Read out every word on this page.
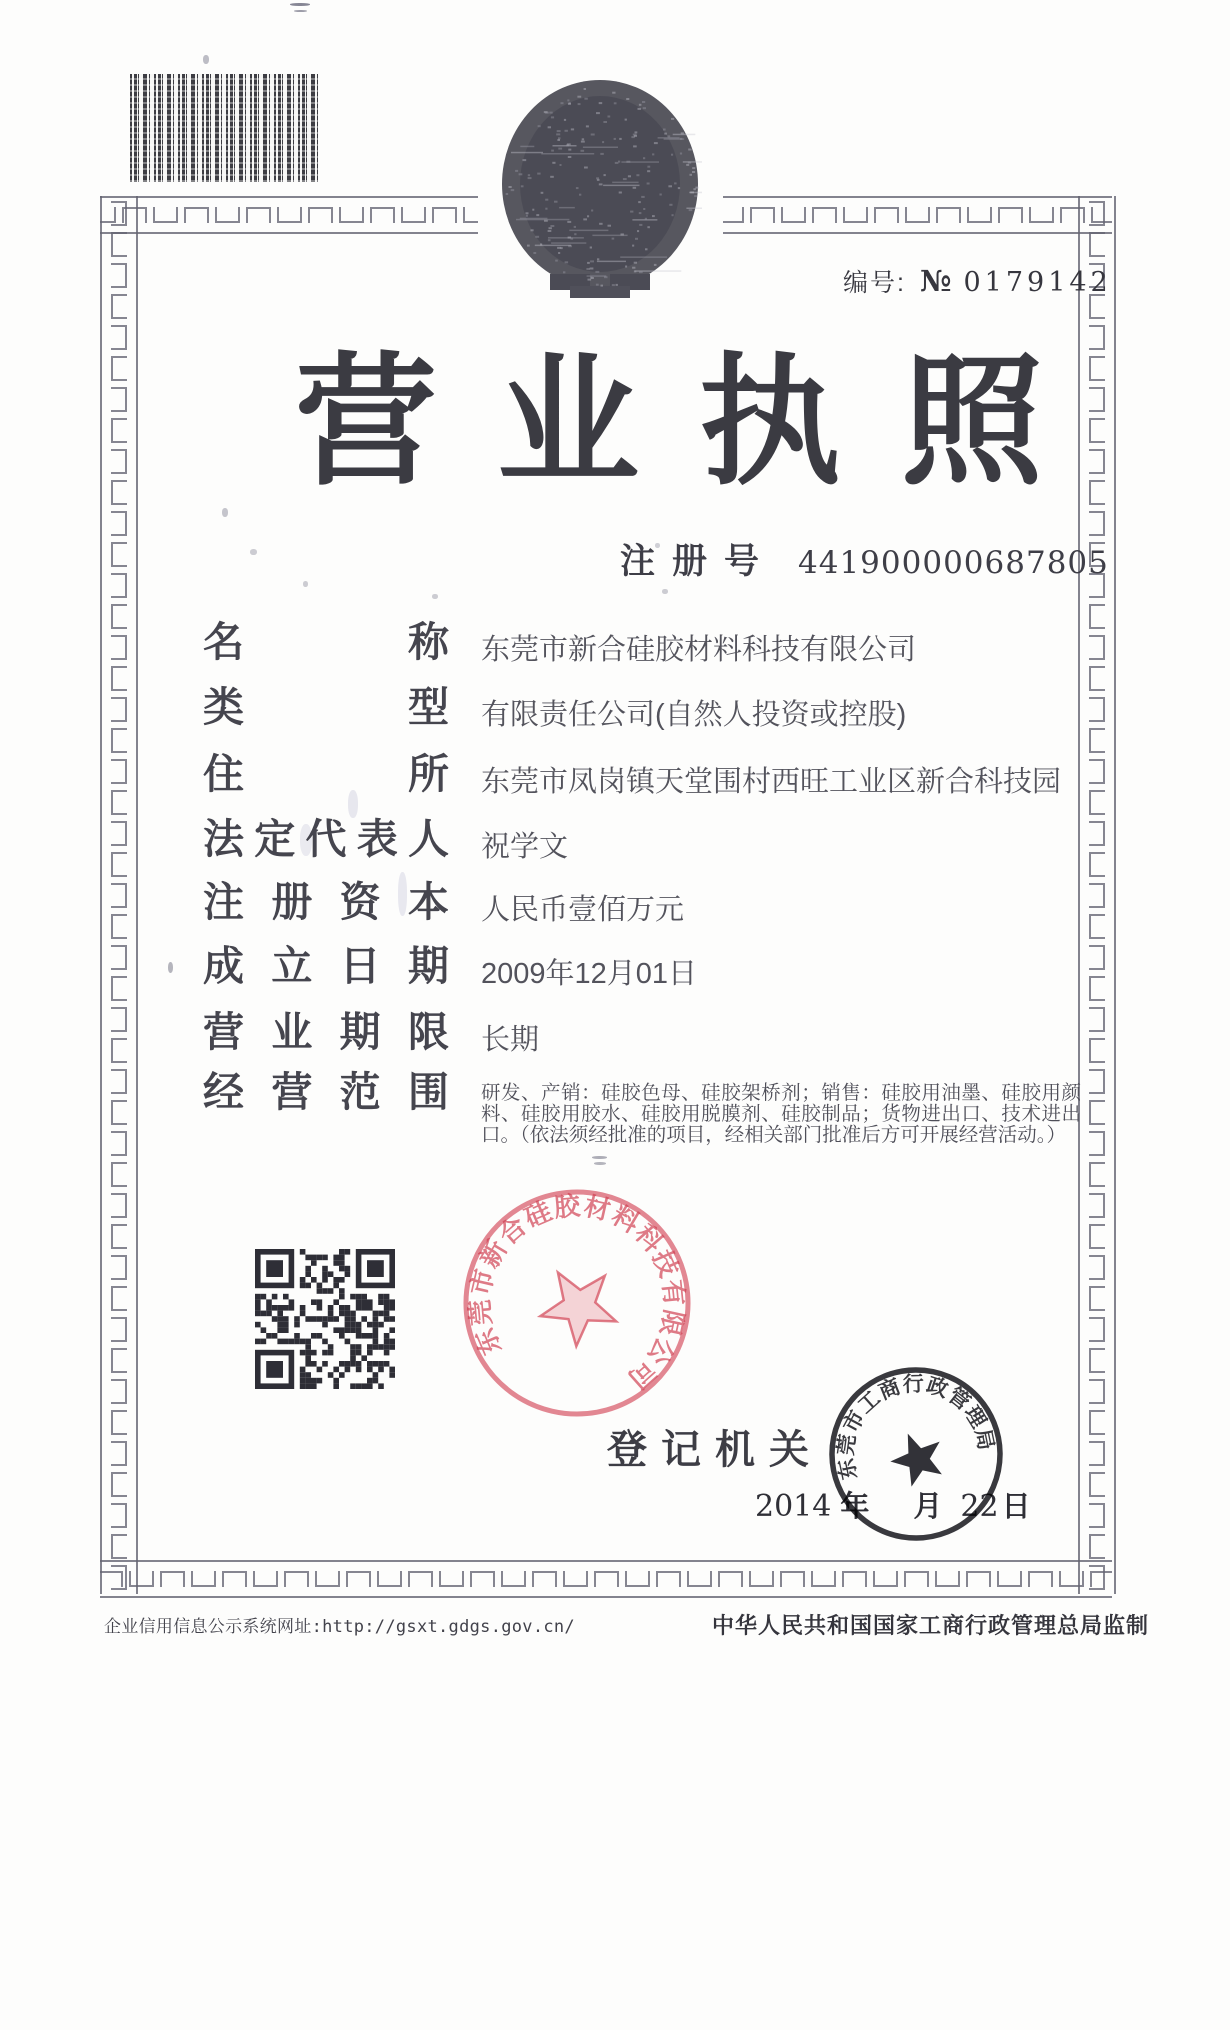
编号: № 0179142
营业执照
注册号 441900000687805
名	称 东莞市新合硅胶材料科技有限公司
类	型 有限责任公司(自然人投资或控股)
住	所 东莞市凤岗镇天堂围村西旺工业区新合科技园
法 定 代 表 人 祝学文
注 册 资 本 人民币壹佰万元
成 立 日 期 2009年12月01日
营 业 期 限 长期
经 营 范 围 研发、产销：硅胶色母、硅胶架桥剂；销售：硅胶用油墨、硅胶用颜料、硅胶用胶水、硅胶用脱膜剂、硅胶制品；货物进出口、技术进出口。（依法须经批准的项目，经相关部门批准后方可开展经营活动。）
东莞市新合硅胶材料科技有限公司
登记机关
2014 年 月 22 日
东莞市工商行政管理局
企业信用信息公示系统网址:http://gsxt.gdgs.gov.cn/	中华人民共和国国家工商行政管理总局监制
